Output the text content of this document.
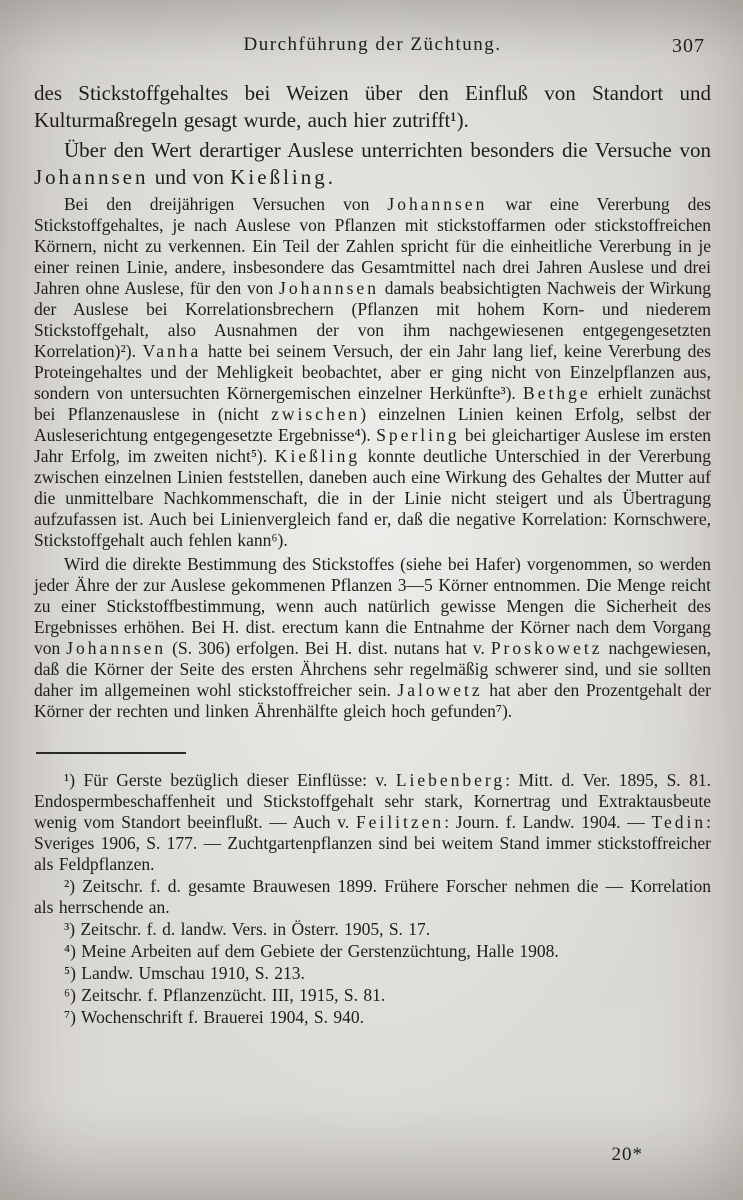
Durchführung der Züchtung.	307

des Stickstoffgehaltes bei Weizen über den Einfluß von Standort und Kulturmaßregeln gesagt wurde, auch hier zutrifft¹).

Über den Wert derartiger Auslese unterrichten besonders die Versuche von Johannsen und von Kießling.

Bei den dreijährigen Versuchen von Johannsen war eine Vererbung des Stickstoffgehaltes, je nach Auslese von Pflanzen mit stickstoffarmen oder stickstoffreichen Körnern, nicht zu verkennen. Ein Teil der Zahlen spricht für die einheitliche Vererbung in je einer reinen Linie, andere, insbesondere das Gesamtmittel nach drei Jahren Auslese und drei Jahren ohne Auslese, für den von Johannsen damals beabsichtigten Nachweis der Wirkung der Auslese bei Korrelationsbrechern (Pflanzen mit hohem Korn- und niederem Stickstoffgehalt, also Ausnahmen der von ihm nachgewiesenen entgegengesetzten Korrelation)²). Vanha hatte bei seinem Versuch, der ein Jahr lang lief, keine Vererbung des Proteingehaltes und der Mehligkeit beobachtet, aber er ging nicht von Einzelpflanzen aus, sondern von untersuchten Körnergemischen einzelner Herkünfte³). Bethge erhielt zunächst bei Pflanzenauslese in (nicht zwischen) einzelnen Linien keinen Erfolg, selbst der Ausleserichtung entgegengesetzte Ergebnisse⁴). Sperling bei gleichartiger Auslese im ersten Jahr Erfolg, im zweiten nicht⁵). Kießling konnte deutliche Unterschied in der Vererbung zwischen einzelnen Linien feststellen, daneben auch eine Wirkung des Gehaltes der Mutter auf die unmittelbare Nachkommenschaft, die in der Linie nicht steigert und als Übertragung aufzufassen ist. Auch bei Linienvergleich fand er, daß die negative Korrelation: Kornschwere, Stickstoffgehalt auch fehlen kann⁶).

Wird die direkte Bestimmung des Stickstoffes (siehe bei Hafer) vorgenommen, so werden jeder Ähre der zur Auslese gekommenen Pflanzen 3—5 Körner entnommen. Die Menge reicht zu einer Stickstoffbestimmung, wenn auch natürlich gewisse Mengen die Sicherheit des Ergebnisses erhöhen. Bei H. dist. erectum kann die Entnahme der Körner nach dem Vorgang von Johannsen (S. 306) erfolgen. Bei H. dist. nutans hat v. Proskowetz nachgewiesen, daß die Körner der Seite des ersten Ährchens sehr regelmäßig schwerer sind, und sie sollten daher im allgemeinen wohl stickstoffreicher sein. Jalowetz hat aber den Prozentgehalt der Körner der rechten und linken Ährenhälfte gleich hoch gefunden⁷).

¹) Für Gerste bezüglich dieser Einflüsse: v. Liebenberg: Mitt. d. Ver. 1895, S. 81. Endospermbeschaffenheit und Stickstoffgehalt sehr stark, Kornertrag und Extraktausbeute wenig vom Standort beeinflußt. — Auch v. Feilitzen: Journ. f. Landw. 1904. — Tedin: Sveriges 1906, S. 177. — Zuchtgartenpflanzen sind bei weitem Stand immer stickstoffreicher als Feldpflanzen.

²) Zeitschr. f. d. gesamte Brauwesen 1899. Frühere Forscher nehmen die — Korrelation als herrschende an.

³) Zeitschr. f. d. landw. Vers. in Österr. 1905, S. 17.

⁴) Meine Arbeiten auf dem Gebiete der Gerstenzüchtung, Halle 1908.

⁵) Landw. Umschau 1910, S. 213.

⁶) Zeitschr. f. Pflanzenzücht. III, 1915, S. 81.

⁷) Wochenschrift f. Brauerei 1904, S. 940.

20*
